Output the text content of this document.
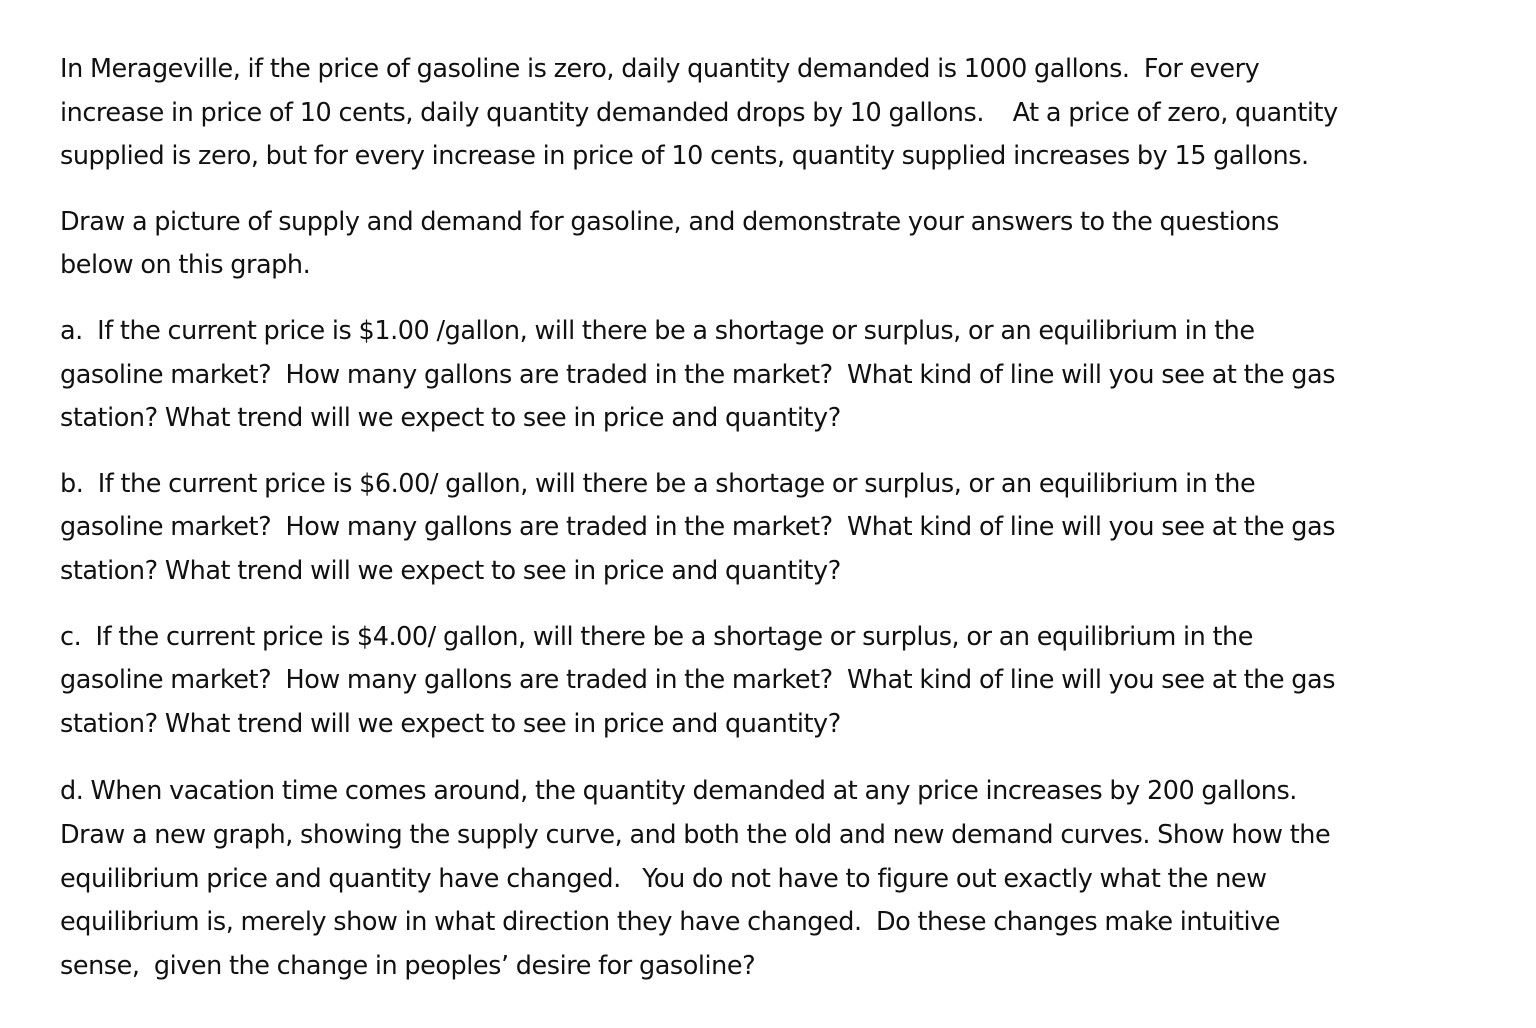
In Merageville, if the price of gasoline is zero, daily quantity demanded is 1000 gallons.  For every
increase in price of 10 cents, daily quantity demanded drops by 10 gallons.    At a price of zero, quantity
supplied is zero, but for every increase in price of 10 cents, quantity supplied increases by 15 gallons.

Draw a picture of supply and demand for gasoline, and demonstrate your answers to the questions
below on this graph.

a.  If the current price is $1.00 /gallon, will there be a shortage or surplus, or an equilibrium in the
gasoline market?  How many gallons are traded in the market?  What kind of line will you see at the gas
station? What trend will we expect to see in price and quantity?

b.  If the current price is $6.00/ gallon, will there be a shortage or surplus, or an equilibrium in the
gasoline market?  How many gallons are traded in the market?  What kind of line will you see at the gas
station? What trend will we expect to see in price and quantity?

c.  If the current price is $4.00/ gallon, will there be a shortage or surplus, or an equilibrium in the
gasoline market?  How many gallons are traded in the market?  What kind of line will you see at the gas
station? What trend will we expect to see in price and quantity?

d. When vacation time comes around, the quantity demanded at any price increases by 200 gallons.
Draw a new graph, showing the supply curve, and both the old and new demand curves. Show how the
equilibrium price and quantity have changed.   You do not have to figure out exactly what the new
equilibrium is, merely show in what direction they have changed.  Do these changes make intuitive
sense,  given the change in peoples’ desire for gasoline?
